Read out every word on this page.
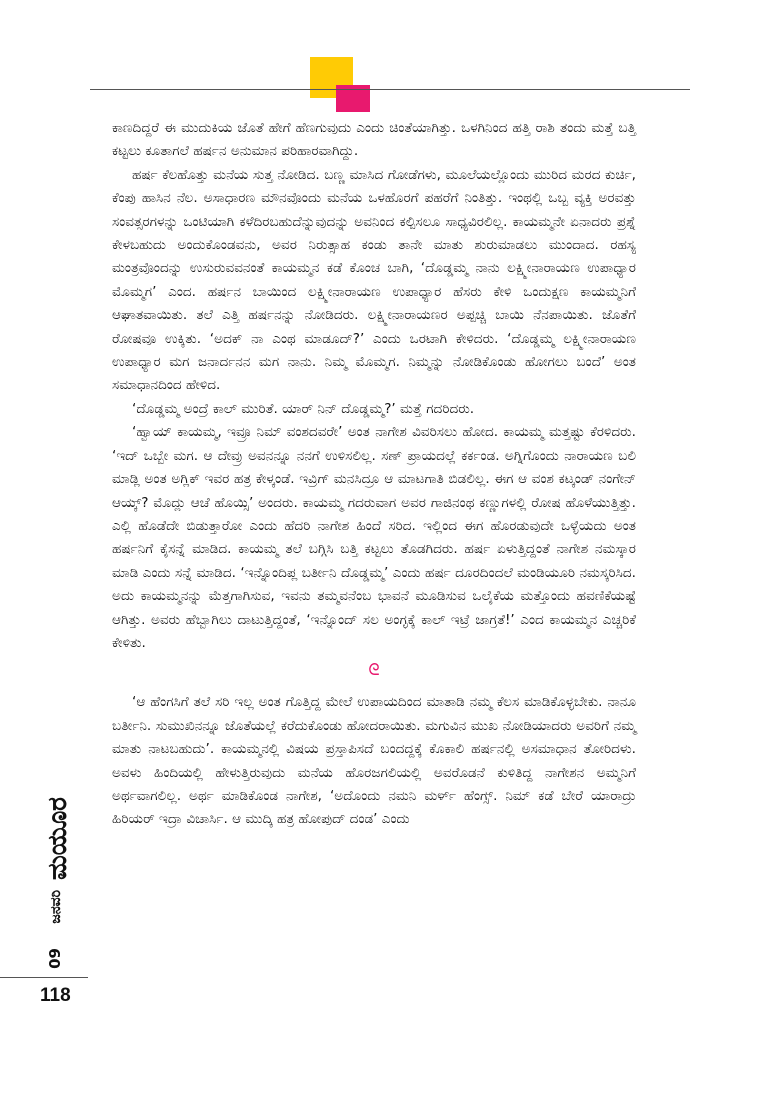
ಕಾಣದಿದ್ದರೆ ಈ ಮುದುಕಿಯ ಜೊತೆ ಹೇಗೆ ಹೆಣಗುವುದು ಎಂದು ಚಿಂತೆಯಾಗಿತ್ತು. ಒಳಗಿನಿಂದ ಹತ್ತಿ ರಾಶಿ ತಂದು ಮತ್ತೆ ಬತ್ತಿ ಕಟ್ಟಲು ಕೂತಾಗಲೆ ಹರ್ಷನ ಅನುಮಾನ ಪರಿಹಾರವಾಗಿದ್ದು.

ಹರ್ಷ ಕೆಲಹೊತ್ತು ಮನೆಯ ಸುತ್ತ ನೋಡಿದ. ಬಣ್ಣ ಮಾಸಿದ ಗೋಡೆಗಳು, ಮೂಲೆಯಲ್ಲೊಂದು ಮುರಿದ ಮರದ ಕುರ್ಚಿ, ಕೆಂಪು ಹಾಸಿನ ನೆಲ. ಅಸಾಧಾರಣ ಮೌನವೊಂದು ಮನೆಯ ಒಳಹೊರಗೆ ಪಹರೆಗೆ ನಿಂತಿತ್ತು. ಇಂಥಲ್ಲಿ ಒಬ್ಬ ವ್ಯಕ್ತಿ ಅರವತ್ತು ಸಂವತ್ಸರಗಳನ್ನು ಒಂಟಿಯಾಗಿ ಕಳೆದಿರಬಹುದೆನ್ನುವುದನ್ನು ಅವನಿಂದ ಕಲ್ಪಿಸಲೂ ಸಾಧ್ಯವಿರಲಿಲ್ಲ. ಕಾಯಮ್ಮನೇ ಏನಾದರು ಪ್ರಶ್ನೆ ಕೇಳಬಹುದು ಅಂದುಕೊಂಡವನು, ಅವರ ನಿರುತ್ಸಾಹ ಕಂಡು ತಾನೇ ಮಾತು ಶುರುಮಾಡಲು ಮುಂದಾದ. ರಹಸ್ಯ ಮಂತ್ರವೊಂದನ್ನು ಉಸುರುವವನಂತೆ ಕಾಯಮ್ಮನ ಕಡೆ ಕೊಂಚ ಬಾಗಿ, ‘ದೊಡ್ಡಮ್ಮ ನಾನು ಲಕ್ಷ್ಮೀನಾರಾಯಣ ಉಪಾಧ್ಯಾರ ಮೊಮ್ಮಗ’ ಎಂದ. ಹರ್ಷನ ಬಾಯಿಂದ ಲಕ್ಷ್ಮೀನಾರಾಯಣ ಉಪಾಧ್ಯಾರ ಹೆಸರು ಕೇಳಿ ಒಂದುಕ್ಷಣ ಕಾಯಮ್ಮನಿಗೆ ಆಘಾತವಾಯಿತು. ತಲೆ ಎತ್ತಿ ಹರ್ಷನನ್ನು ನೋಡಿದರು. ಲಕ್ಷ್ಮೀನಾರಾಯಣರ ಅಪ್ಪಚ್ಚಿ ಬಾಯಿ ನೆನಪಾಯಿತು. ಜೊತೆಗೆ ರೋಷವೂ ಉಕ್ಕಿತು. ‘ಅದಕ್ ನಾ ಎಂಥ ಮಾಡೂದ್?’ ಎಂದು ಒರಟಾಗಿ ಕೇಳಿದರು. ‘ದೊಡ್ಡಮ್ಮ ಲಕ್ಷ್ಮೀನಾರಾಯಣ ಉಪಾಧ್ಯಾರ ಮಗ ಜನಾರ್ದನನ ಮಗ ನಾನು. ನಿಮ್ಮ ಮೊಮ್ಮಗ. ನಿಮ್ಮನ್ನು ನೋಡಿಕೊಂಡು ಹೋಗಲು ಬಂದೆ’ ಅಂತ ಸಮಾಧಾನದಿಂದ ಹೇಳಿದ.

‘ದೊಡ್ಡಮ್ಮ ಅಂದ್ರೆ ಕಾಲ್ ಮುರಿತೆ. ಯಾರ್ ನಿನ್ ದೊಡ್ಡಮ್ಮ?’ ಮತ್ತೆ ಗದರಿದರು.

‘ಹ್ವಾಯ್ ಕಾಯಮ್ಮ, ಇವ್ರೂ ನಿಮ್ ವಂಶದವರೇ’ ಅಂತ ನಾಗೇಶ ವಿವರಿಸಲು ಹೋದ. ಕಾಯಮ್ಮ ಮತ್ತಷ್ಟು ಕೆರಳಿದರು. ‘ಇದ್ ಒಬ್ಬೇ ಮಗ. ಆ ದೇವ್ರು ಅವನನ್ನೂ ನನಗೆ ಉಳಿಸಲಿಲ್ಲ. ಸಣ್ ಪ್ರಾಯದಲ್ಲೆ ಕರ್ಕಂಡ. ಅಗ್ನಿಗೊಂದು ನಾರಾಯಣ ಬಲಿ ಮಾಡ್ಲಿ ಅಂತ ಅಗ್ಲಿಕ್ ಇವರ ಹತ್ರ ಕೇಳ್ಕಂಡೆ. ಇವ್ರಿಗ್ ಮನಸಿದ್ರೂ ಆ ಮಾಟಗಾತಿ ಬಿಡಲಿಲ್ಲ. ಈಗ ಆ ವಂಶ ಕಟ್ಕಂಡ್ ನಂಗೇನ್ ಆಯ್ಕ್? ಮೊದ್ಲು ಆಚೆ ಹೊಯ್ಸಿ’ ಅಂದರು. ಕಾಯಮ್ಮ ಗದರುವಾಗ ಅವರ ಗಾಜಿನಂಥ ಕಣ್ಣುಗಳಲ್ಲಿ ರೋಷ ಹೊಳೆಯುತ್ತಿತ್ತು. ಎಲ್ಲಿ ಹೊಡೆದೇ ಬಿಡುತ್ತಾರೋ ಎಂದು ಹೆದರಿ ನಾಗೇಶ ಹಿಂದೆ ಸರಿದ. ಇಲ್ಲಿಂದ ಈಗ ಹೊರಡುವುದೇ ಒಳ್ಳೆಯದು ಅಂತ ಹರ್ಷನಿಗೆ ಕೈಸನ್ನೆ ಮಾಡಿದ. ಕಾಯಮ್ಮ ತಲೆ ಬಗ್ಗಿಸಿ ಬತ್ತಿ ಕಟ್ಟಲು ತೊಡಗಿದರು. ಹರ್ಷ ಏಳುತ್ತಿದ್ದಂತೆ ನಾಗೇಶ ನಮಸ್ಕಾರ ಮಾಡಿ ಎಂದು ಸನ್ನೆ ಮಾಡಿದ. ‘ಇನ್ನೊಂದಿಪ್ಲ ಬರ್ತೀನಿ ದೊಡ್ಡಮ್ಮ’ ಎಂದು ಹರ್ಷ ದೂರದಿಂದಲೆ ಮಂಡಿಯೂರಿ ನಮಸ್ಕರಿಸಿದ. ಅದು ಕಾಯಮ್ಮನನ್ನು ಮೆತ್ತಗಾಗಿಸುವ, ಇವನು ತಮ್ಮವನೆಂಬ ಭಾವನೆ ಮೂಡಿಸುವ ಒಲೈಕೆಯ ಮತ್ತೊಂದು ಹವಣಿಕೆಯಷ್ಟೆ ಆಗಿತ್ತು. ಅವರು ಹೆಬ್ಬಾಗಿಲು ದಾಟುತ್ತಿದ್ದಂತೆ, ‘ಇನ್ನೊಂದ್ ಸಲ ಅಂಗ್ಳಕ್ಕೆ ಕಾಲ್ ಇಟ್ರೆ ಜಾಗ್ರತೆ!’ ಎಂದ ಕಾಯಮ್ಮನ ಎಚ್ಚರಿಕೆ ಕೇಳಿತು.

ᘓ

‘ಆ ಹೆಂಗಸಿಗೆ ತಲೆ ಸರಿ ಇಲ್ಲ ಅಂತ ಗೊತ್ತಿದ್ದ ಮೇಲೆ ಉಪಾಯದಿಂದ ಮಾತಾಡಿ ನಮ್ಮ ಕೆಲಸ ಮಾಡಿಕೊಳ್ಳಬೇಕು. ನಾನೂ ಬರ್ತೀನಿ. ಸುಮುಖಿನನ್ನೂ ಜೊತೆಯಲ್ಲೆ ಕರೆದುಕೊಂಡು ಹೋದರಾಯಿತು. ಮಗುವಿನ ಮುಖ ನೋಡಿಯಾದರು ಅವರಿಗೆ ನಮ್ಮ ಮಾತು ನಾಟಬಹುದು’. ಕಾಯಮ್ಮನಲ್ಲಿ ವಿಷಯ ಪ್ರಸ್ತಾಪಿಸದೆ ಬಂದದ್ದಕ್ಕೆ ಕೊಕಾಲಿ ಹರ್ಷನಲ್ಲಿ ಅಸಮಾಧಾನ ತೋರಿದಳು. ಅವಳು ಹಿಂದಿಯಲ್ಲಿ ಹೇಳುತ್ತಿರುವುದು ಮನೆಯ ಹೊರಜಗಲಿಯಲ್ಲಿ ಅವರೊಡನೆ ಕುಳಿತಿದ್ದ ನಾಗೇಶನ ಅಮ್ಮನಿಗೆ ಅರ್ಥವಾಗಲಿಲ್ಲ. ಅರ್ಥ ಮಾಡಿಕೊಂಡ ನಾಗೇಶ, ‘ಅದೊಂದು ನಮನಿ ಮರ್ಳ್ ಹೆಂಗ್ಸ್. ನಿಮ್ ಕಡೆ ಬೇರೆ ಯಾರಾದ್ರು ಹಿರಿಯರ್ ಇದ್ರಾ ವಿಚಾರ್ಸಿ. ಆ ಮುದ್ಕಿ ಹತ್ರ ಹೋಪುದ್ ದಂಡ’ ಎಂದು

ಮಯೂರ
ಜನವರಿ
09
118
